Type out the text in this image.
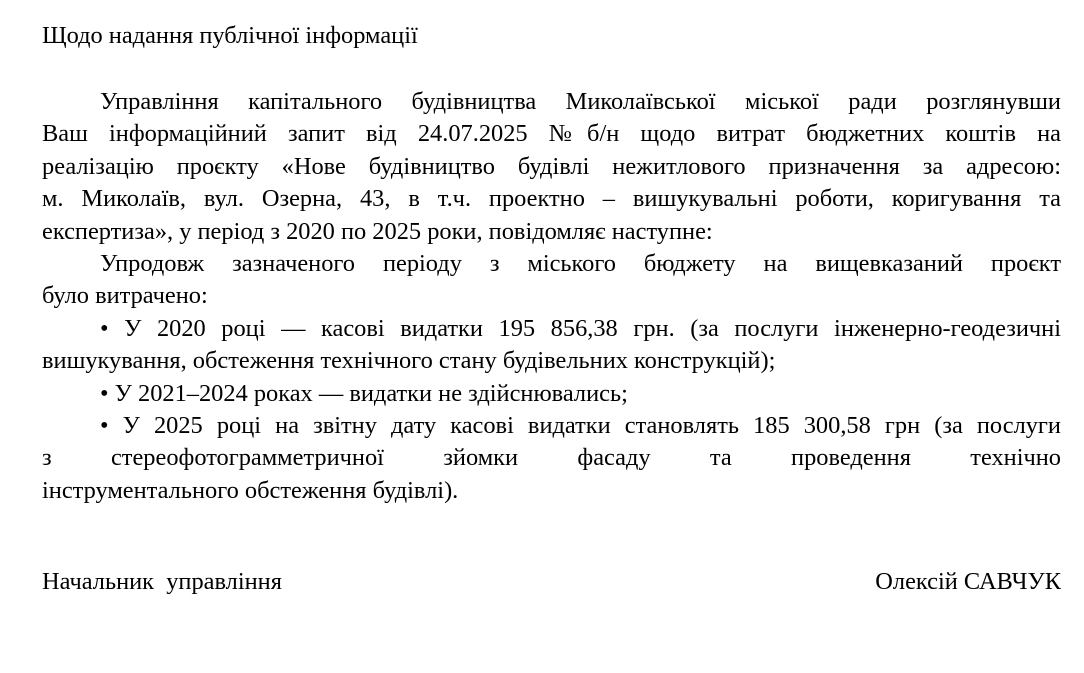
Щодо надання публічної інформації
Управління капітального будівництва Миколаївської міської ради розглянувши
Ваш інформаційний запит від 24.07.2025 №б/н щодо витрат бюджетних коштів на
реалізацію проєкту «Нове будівництво будівлі нежитлового призначення за адресою:
м. Миколаїв, вул. Озерна, 43, в т.ч. проектно – вишукувальні роботи, коригування та
експертиза», у період з 2020 по 2025 роки, повідомляє наступне:
Упродовж зазначеного періоду з міського бюджету на вищевказаний проєкт
було витрачено:
• У 2020 році — касові видатки 195 856,38 грн. (за послуги інженерно-геодезичні
вишукування, обстеження технічного стану будівельних конструкцій);
• У 2021–2024 роках — видатки не здійснювались;
• У 2025 році на звітну дату касові видатки становлять 185 300,58 грн (за послуги
з стереофотограмметричної зйомки фасаду та проведення технічно
інструментального обстеження будівлі).
Начальник  управління	Олексій САВЧУК
